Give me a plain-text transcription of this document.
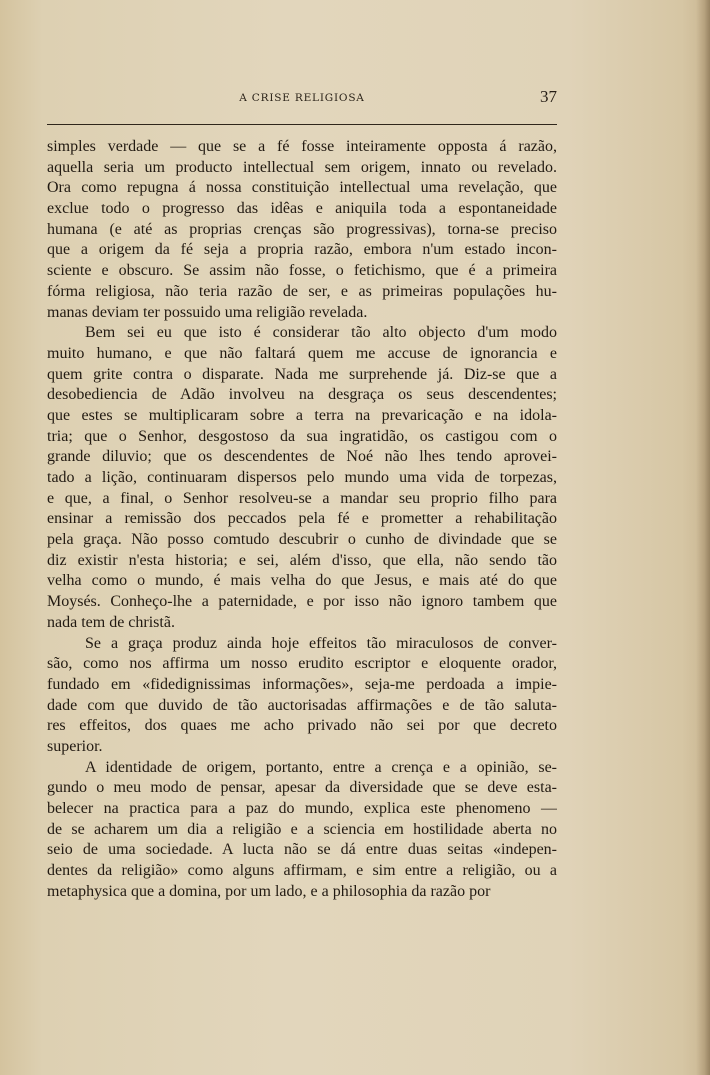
A CRISE RELIGIOSA	37
simples verdade — que se a fé fosse inteiramente opposta á razão,
aquella seria um producto intellectual sem origem, innato ou revelado.
Ora como repugna á nossa constituição intellectual uma revelação, que
exclue todo o progresso das idêas e aniquila toda a espontaneidade
humana (e até as proprias crenças são progressivas), torna-se preciso
que a origem da fé seja a propria razão, embora n'um estado incon-
sciente e obscuro. Se assim não fosse, o fetichismo, que é a primeira
fórma religiosa, não teria razão de ser, e as primeiras populações hu-
manas deviam ter possuido uma religião revelada.
Bem sei eu que isto é considerar tão alto objecto d'um modo
muito humano, e que não faltará quem me accuse de ignorancia e
quem grite contra o disparate. Nada me surprehende já. Diz-se que a
desobediencia de Adão involveu na desgraça os seus descendentes;
que estes se multiplicaram sobre a terra na prevaricação e na idola-
tria; que o Senhor, desgostoso da sua ingratidão, os castigou com o
grande diluvio; que os descendentes de Noé não lhes tendo aprovei-
tado a lição, continuaram dispersos pelo mundo uma vida de torpezas,
e que, a final, o Senhor resolveu-se a mandar seu proprio filho para
ensinar a remissão dos peccados pela fé e prometter a rehabilitação
pela graça. Não posso comtudo descubrir o cunho de divindade que se
diz existir n'esta historia; e sei, além d'isso, que ella, não sendo tão
velha como o mundo, é mais velha do que Jesus, e mais até do que
Moysés. Conheço-lhe a paternidade, e por isso não ignoro tambem que
nada tem de christã.
Se a graça produz ainda hoje effeitos tão miraculosos de conver-
são, como nos affirma um nosso erudito escriptor e eloquente orador,
fundado em «fidedignissimas informações», seja-me perdoada a impie-
dade com que duvido de tão auctorisadas affirmações e de tão saluta-
res effeitos, dos quaes me acho privado não sei por que decreto
superior.
A identidade de origem, portanto, entre a crença e a opinião, se-
gundo o meu modo de pensar, apesar da diversidade que se deve esta-
belecer na practica para a paz do mundo, explica este phenomeno —
de se acharem um dia a religião e a sciencia em hostilidade aberta no
seio de uma sociedade. A lucta não se dá entre duas seitas «indepen-
dentes da religião» como alguns affirmam, e sim entre a religião, ou a
metaphysica que a domina, por um lado, e a philosophia da razão por
